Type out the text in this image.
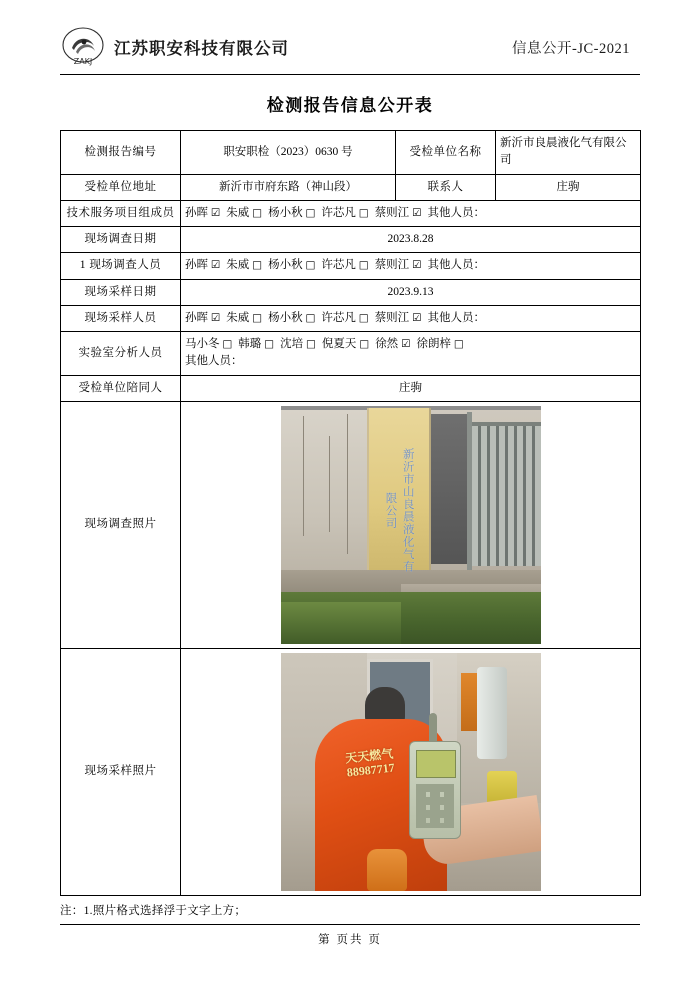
ZAKJ
江苏职安科技有限公司	信息公开-JC-2021
检测报告信息公开表
检测报告编号	职安职检（2023）0630 号	受检单位名称	新沂市良晨液化气有限公司
受检单位地址	新沂市市府东路（神山段）	联系人	庄驹
技术服务项目组成员	孙晖 ☑ 朱威 □ 杨小秋 □ 许芯凡 □ 蔡则江 ☑ 其他人员：		
现场调查日期	2023.8.28		
1 现场调查人员	孙晖 ☑ 朱威 □ 杨小秋 □ 许芯凡 □ 蔡则江 ☑ 其他人员：		
现场采样日期	2023.9.13		
现场采样人员	孙晖 ☑ 朱威 □ 杨小秋 □ 许芯凡 □ 蔡则江 ☑ 其他人员：		
实验室分析人员	马小冬 □ 韩璐 □ 沈培 □ 倪夏天 □ 徐然 ☑ 徐朗梓 □
其他人员：		

受检单位陪同人	庄驹		
现场调查照片	新沂市山良晨液化气有限公司		

现场采样照片	天天燃气 88987717		
注：1.照片格式选择浮于文字上方；
第 页共 页
